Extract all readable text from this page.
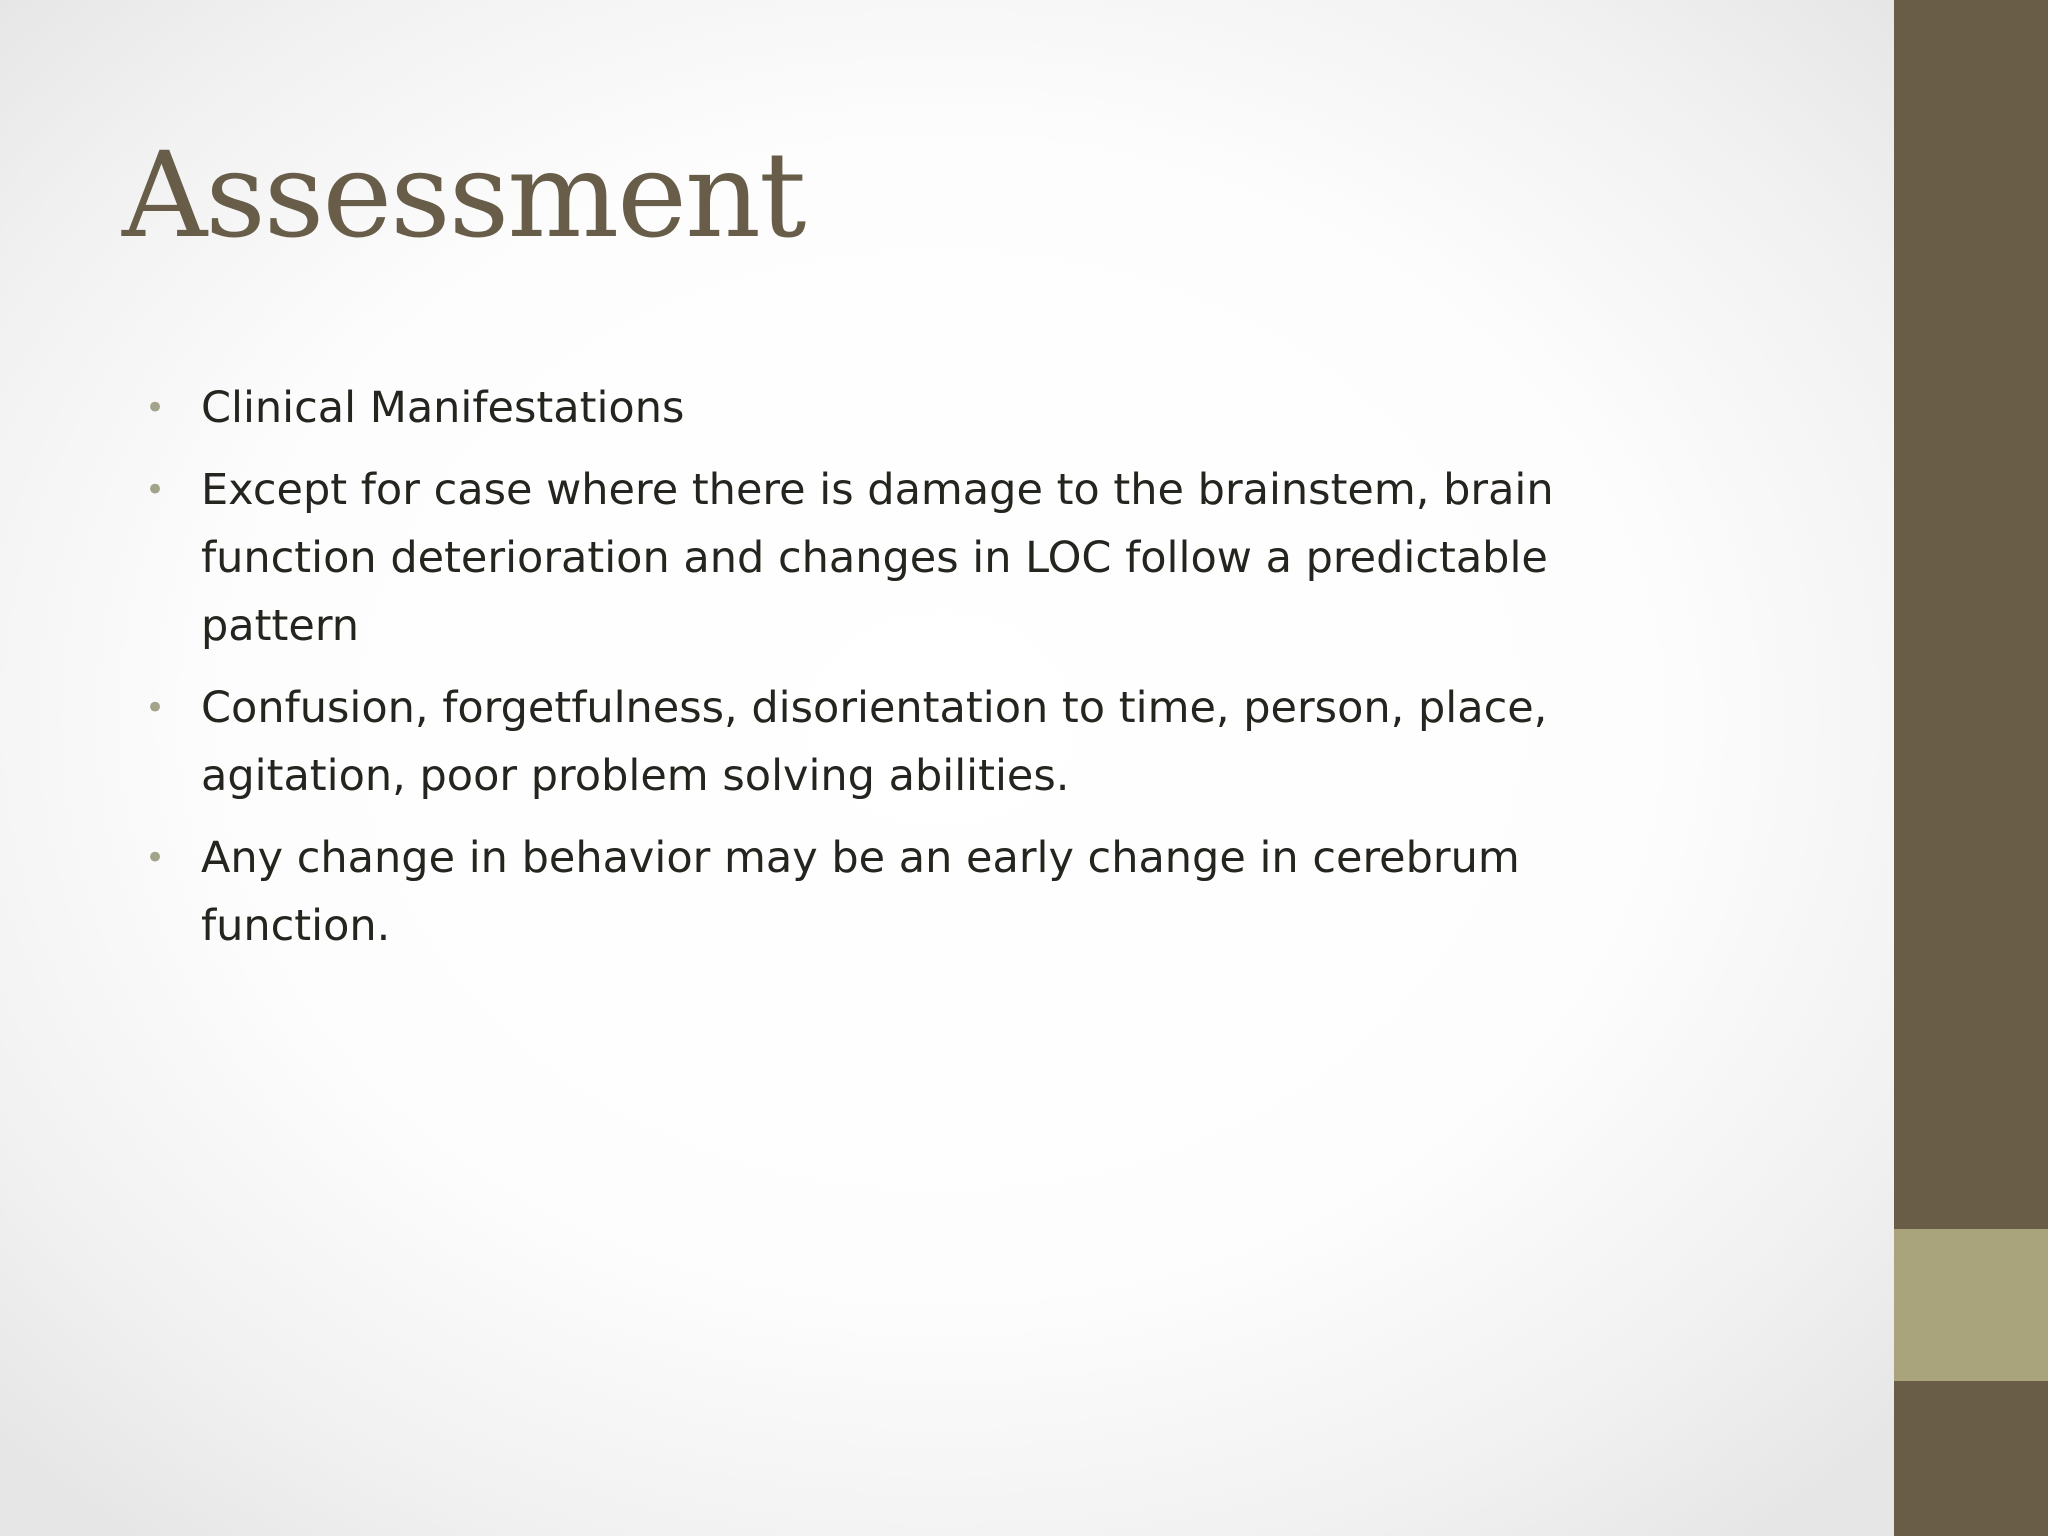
Assessment
• Clinical Manifestations
• Except for case where there is damage to the brainstem, brain function deterioration and changes in LOC follow a predictable pattern
• Confusion, forgetfulness, disorientation to time, person, place, agitation, poor problem solving abilities.
• Any change in behavior may be an early change in cerebrum function.
